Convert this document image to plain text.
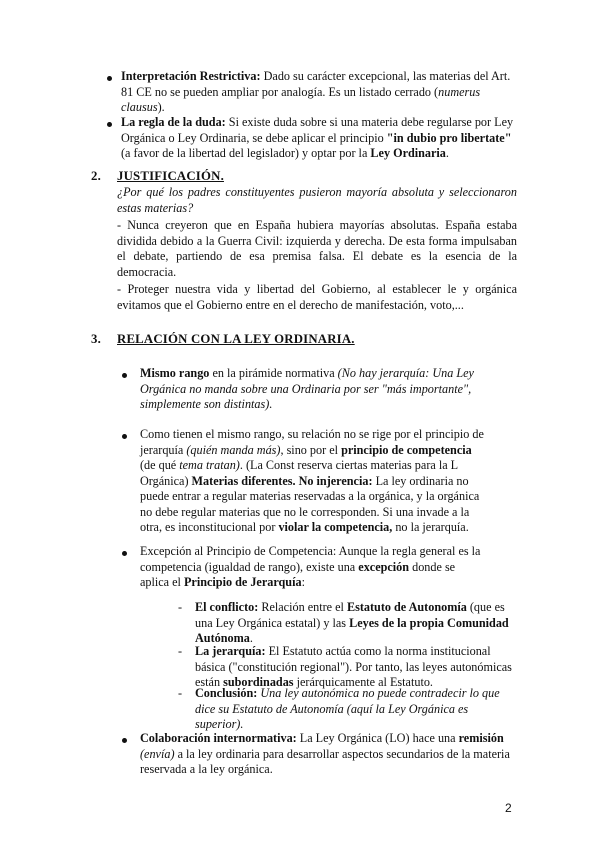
Interpretación Restrictiva: Dado su carácter excepcional, las materias del Art. 81 CE no se pueden ampliar por analogía. Es un listado cerrado (numerus clausus).
La regla de la duda: Si existe duda sobre si una materia debe regularse por Ley Orgánica o Ley Ordinaria, se debe aplicar el principio "in dubio pro libertate" (a favor de la libertad del legislador) y optar por la Ley Ordinaria.
2. JUSTIFICACIÓN.
¿Por qué los padres constituyentes pusieron mayoría absoluta y seleccionaron estas materias?
- Nunca creyeron que en España hubiera mayorías absolutas. España estaba dividida debido a la Guerra Civil: izquierda y derecha. De esta forma impulsaban el debate, partiendo de esa premisa falsa. El debate es la esencia de la democracia.
- Proteger nuestra vida y libertad del Gobierno, al establecer le y orgánica evitamos que el Gobierno entre en el derecho de manifestación, voto,...
3. RELACIÓN CON LA LEY ORDINARIA.
Mismo rango en la pirámide normativa (No hay jerarquía: Una Ley Orgánica no manda sobre una Ordinaria por ser "más importante", simplemente son distintas).
Como tienen el mismo rango, su relación no se rige por el principio de jerarquía (quién manda más), sino por el principio de competencia (de qué tema tratan). (La Const reserva ciertas materias para la L Orgánica) Materias diferentes. No injerencia: La ley ordinaria no puede entrar a regular materias reservadas a la orgánica, y la orgánica no debe regular materias que no le corresponden. Si una invade a la otra, es inconstitucional por violar la competencia, no la jerarquía.
Excepción al Principio de Competencia: Aunque la regla general es la competencia (igualdad de rango), existe una excepción donde se aplica el Principio de Jerarquía:
- El conflicto: Relación entre el Estatuto de Autonomía (que es una Ley Orgánica estatal) y las Leyes de la propia Comunidad Autónoma.
- La jerarquía: El Estatuto actúa como la norma institucional básica ("constitución regional"). Por tanto, las leyes autonómicas están subordinadas jerárquicamente al Estatuto.
- Conclusión: Una ley autonómica no puede contradecir lo que dice su Estatuto de Autonomía (aquí la Ley Orgánica es superior).
Colaboración internormativa: La Ley Orgánica (LO) hace una remisión (envía) a la ley ordinaria para desarrollar aspectos secundarios de la materia reservada a la ley orgánica.
2
